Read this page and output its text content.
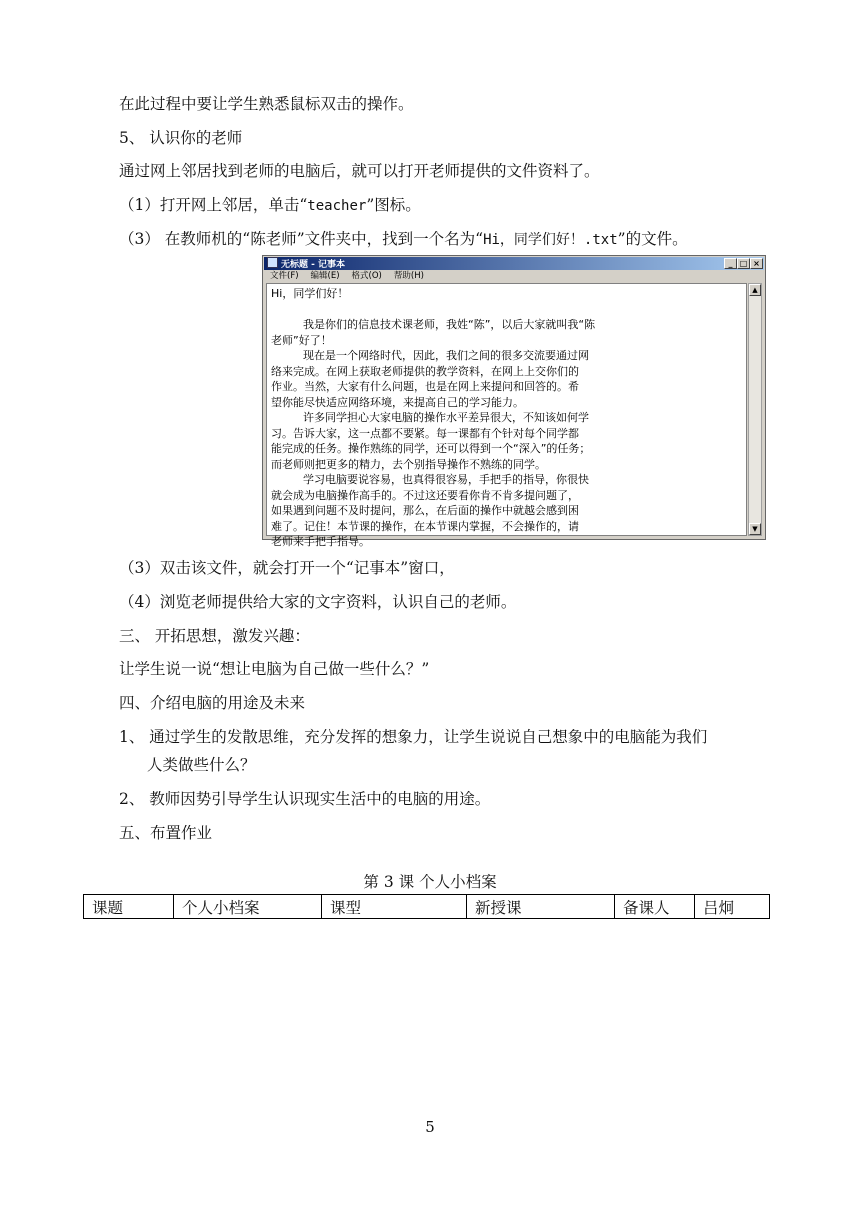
在此过程中要让学生熟悉鼠标双击的操作。
5、 认识你的老师
通过网上邻居找到老师的电脑后，就可以打开老师提供的文件资料了。
（1）打开网上邻居，单击“teacher”图标。
（3） 在教师机的“陈老师”文件夹中，找到一个名为“Hi，同学们好！.txt”的文件。
无标题 - 记事本	_ □ ×
文件(F) 编辑(E) 格式(O) 帮助(H)
Hi，同学们好！

我是你们的信息技术课老师，我姓“陈”，以后大家就叫我“陈
老师”好了！
现在是一个网络时代，因此，我们之间的很多交流要通过网
络来完成。在网上获取老师提供的教学资料，在网上上交你们的
作业。当然，大家有什么问题，也是在网上来提问和回答的。希
望你能尽快适应网络环境，来提高自己的学习能力。
许多同学担心大家电脑的操作水平差异很大，不知该如何学
习。告诉大家，这一点都不要紧。每一课都有个针对每个同学都
能完成的任务。操作熟练的同学，还可以得到一个“深入”的任务；
而老师则把更多的精力，去个别指导操作不熟练的同学。
学习电脑要说容易，也真得很容易，手把手的指导，你很快
就会成为电脑操作高手的。不过这还要看你肯不肯多提问题了，
如果遇到问题不及时提问，那么，在后面的操作中就越会感到困
难了。记住！本节课的操作，在本节课内掌握，不会操作的，请
老师来手把手指导。
▲
▼
（3）双击该文件，就会打开一个“记事本”窗口，
（4）浏览老师提供给大家的文字资料，认识自己的老师。
三、 开拓思想，激发兴趣：
让学生说一说“想让电脑为自己做一些什么？”
四、介绍电脑的用途及未来
1、 通过学生的发散思维，充分发挥的想象力，让学生说说自己想象中的电脑能为我们
人类做些什么？
2、 教师因势引导学生认识现实生活中的电脑的用途。
五、布置作业
第 3 课 个人小档案
课题	个人小档案	课型	新授课	备课人	吕炯
5
